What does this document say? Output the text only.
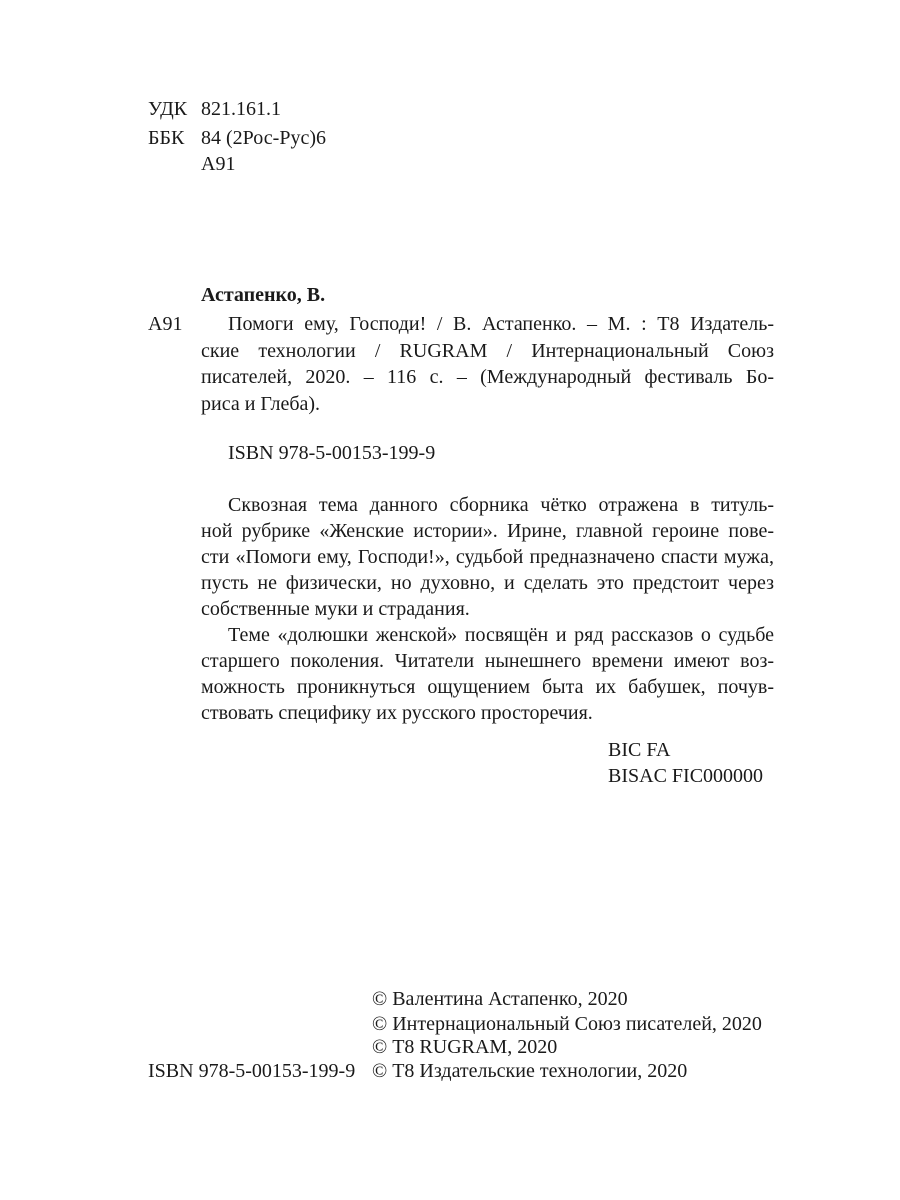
УДК 821.161.1
ББК 84 (2Рос-Рус)6
А91
Астапенко, В.
А91	Помоги ему, Господи! / В. Астапенко. – М. : Т8 Издатель-
ские технологии / RUGRAM / Интернациональный Союз
писателей, 2020. – 116 с. – (Международный фестиваль Бо-
риса и Глеба).
ISBN 978-5-00153-199-9
Сквозная тема данного сборника чётко отражена в титуль-
ной рубрике «Женские истории». Ирине, главной героине пове-
сти «Помоги ему, Господи!», судьбой предназначено спасти мужа,
пусть не физически, но духовно, и сделать это предстоит через
собственные муки и страдания.
Теме «долюшки женской» посвящён и ряд рассказов о судьбе
старшего поколения. Читатели нынешнего времени имеют воз-
можность проникнуться ощущением быта их бабушек, почув-
ствовать специфику их русского просторечия.
BIC FA
BISAC FIC000000
© Валентина Астапенко, 2020
© Интернациональный Союз писателей, 2020
© Т8 RUGRAM, 2020
© Т8 Издательские технологии, 2020
ISBN 978-5-00153-199-9
